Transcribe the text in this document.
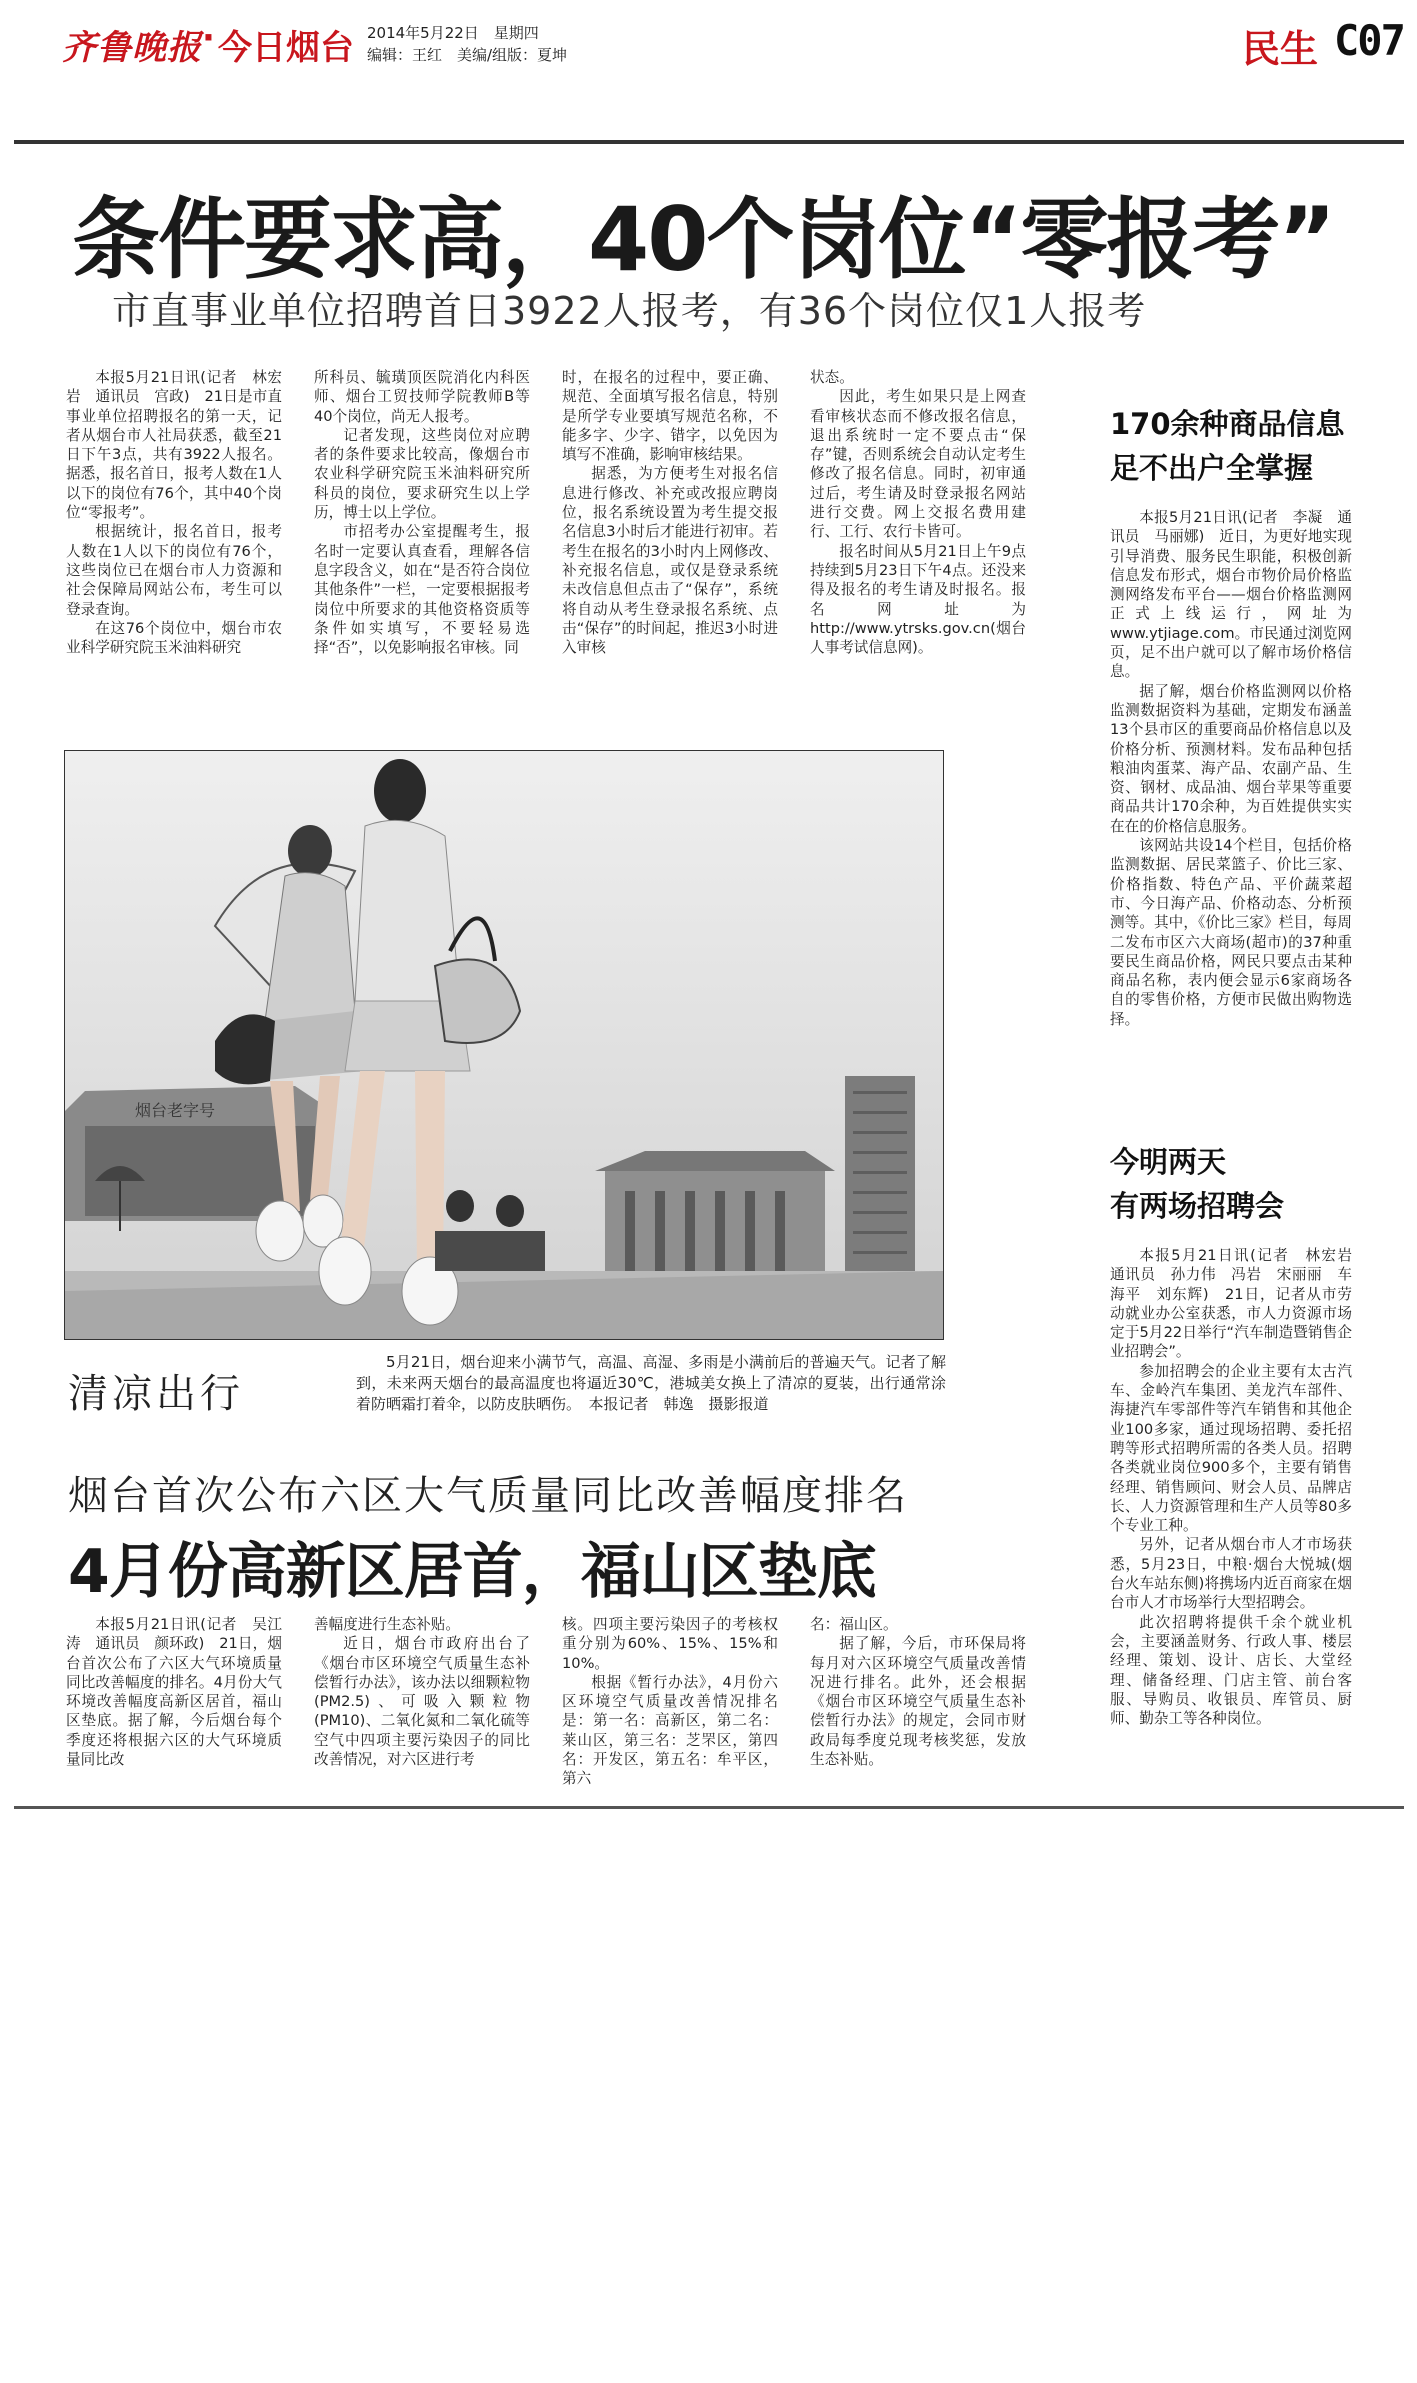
齐鲁晚报 · 今日烟台 2014年5月22日　星期四
编辑：王红　美编/组版：夏坤	民生 C07
条件要求高，40个岗位“零报考”
市直事业单位招聘首日3922人报考，有36个岗位仅1人报考

本报5月21日讯(记者　林宏岩　通讯员　宫政)　21日是市直事业单位招聘报名的第一天，记者从烟台市人社局获悉，截至21日下午3点，共有3922人报名。据悉，报名首日，报考人数在1人以下的岗位有76个，其中40个岗位“零报考”。

根据统计，报名首日，报考人数在1人以下的岗位有76个，这些岗位已在烟台市人力资源和社会保障局网站公布，考生可以登录查询。

在这76个岗位中，烟台市农业科学研究院玉米油料研究

所科员、毓璜顶医院消化内科医师、烟台工贸技师学院教师B等40个岗位，尚无人报考。

记者发现，这些岗位对应聘者的条件要求比较高，像烟台市农业科学研究院玉米油料研究所科员的岗位，要求研究生以上学历，博士以上学位。

市招考办公室提醒考生，报名时一定要认真查看，理解各信息字段含义，如在“是否符合岗位其他条件”一栏，一定要根据报考岗位中所要求的其他资格资质等条件如实填写，不要轻易选择“否”，以免影响报名审核。同

时，在报名的过程中，要正确、规范、全面填写报名信息，特别是所学专业要填写规范名称，不能多字、少字、错字，以免因为填写不准确，影响审核结果。

据悉，为方便考生对报名信息进行修改、补充或改报应聘岗位，报名系统设置为考生提交报名信息3小时后才能进行初审。若考生在报名的3小时内上网修改、补充报名信息，或仅是登录系统未改信息但点击了“保存”，系统将自动从考生登录报名系统、点击“保存”的时间起，推迟3小时进入审核

状态。

因此，考生如果只是上网查看审核状态而不修改报名信息，退出系统时一定不要点击“保存”键，否则系统会自动认定考生修改了报名信息。同时，初审通过后，考生请及时登录报名网站进行交费。网上交报名费用建行、工行、农行卡皆可。

报名时间从5月21日上午9点持续到5月23日下午4点。还没来得及报名的考生请及时报名。报名网址为http://www.ytrsks.gov.cn(烟台人事考试信息网)。

烟台老字号
清凉出行
5月21日，烟台迎来小满节气，高温、高湿、多雨是小满前后的普遍天气。记者了解到，未来两天烟台的最高温度也将逼近30℃，港城美女换上了清凉的夏装，出行通常涂着防晒霜打着伞，以防皮肤晒伤。　本报记者　韩逸　摄影报道
烟台首次公布六区大气质量同比改善幅度排名
4月份高新区居首，福山区垫底

本报5月21日讯(记者　吴江涛　通讯员　颜环政)　21日，烟台首次公布了六区大气环境质量同比改善幅度的排名。4月份大气环境改善幅度高新区居首，福山区垫底。据了解，今后烟台每个季度还将根据六区的大气环境质量同比改

善幅度进行生态补贴。

近日，烟台市政府出台了《烟台市区环境空气质量生态补偿暂行办法》，该办法以细颗粒物(PM2.5)、可吸入颗粒物(PM10)、二氧化氮和二氧化硫等空气中四项主要污染因子的同比改善情况，对六区进行考

核。四项主要污染因子的考核权重分别为60%、15%、15%和10%。

根据《暂行办法》，4月份六区环境空气质量改善情况排名是：第一名：高新区，第二名：莱山区，第三名：芝罘区，第四名：开发区，第五名：牟平区，第六

名：福山区。

据了解，今后，市环保局将每月对六区环境空气质量改善情况进行排名。此外，还会根据《烟台市区环境空气质量生态补偿暂行办法》的规定，会同市财政局每季度兑现考核奖惩，发放生态补贴。

170余种商品信息
足不出户全掌握

本报5月21日讯(记者　李凝　通讯员　马丽娜)　近日，为更好地实现引导消费、服务民生职能，积极创新信息发布形式，烟台市物价局价格监测网络发布平台——烟台价格监测网正式上线运行，网址为www.ytjiage.com。市民通过浏览网页，足不出户就可以了解市场价格信息。

据了解，烟台价格监测网以价格监测数据资料为基础，定期发布涵盖13个县市区的重要商品价格信息以及价格分析、预测材料。发布品种包括粮油肉蛋菜、海产品、农副产品、生资、钢材、成品油、烟台苹果等重要商品共计170余种，为百姓提供实实在在的价格信息服务。

该网站共设14个栏目，包括价格监测数据、居民菜篮子、价比三家、价格指数、特色产品、平价蔬菜超市、今日海产品、价格动态、分析预测等。其中，《价比三家》栏目，每周二发布市区六大商场(超市)的37种重要民生商品价格，网民只要点击某种商品名称，表内便会显示6家商场各自的零售价格，方便市民做出购物选择。

今明两天
有两场招聘会

本报5月21日讯(记者　林宏岩　通讯员　孙力伟　冯岩　宋丽丽　车海平　刘东辉)　21日，记者从市劳动就业办公室获悉，市人力资源市场定于5月22日举行“汽车制造暨销售企业招聘会”。

参加招聘会的企业主要有太古汽车、金岭汽车集团、美龙汽车部件、海捷汽车零部件等汽车销售和其他企业100多家，通过现场招聘、委托招聘等形式招聘所需的各类人员。招聘各类就业岗位900多个，主要有销售经理、销售顾问、财会人员、品牌店长、人力资源管理和生产人员等80多个专业工种。

另外，记者从烟台市人才市场获悉，5月23日，中粮·烟台大悦城(烟台火车站东侧)将携场内近百商家在烟台市人才市场举行大型招聘会。

此次招聘将提供千余个就业机会，主要涵盖财务、行政人事、楼层经理、策划、设计、店长、大堂经理、储备经理、门店主管、前台客服、导购员、收银员、库管员、厨师、勤杂工等各种岗位。
